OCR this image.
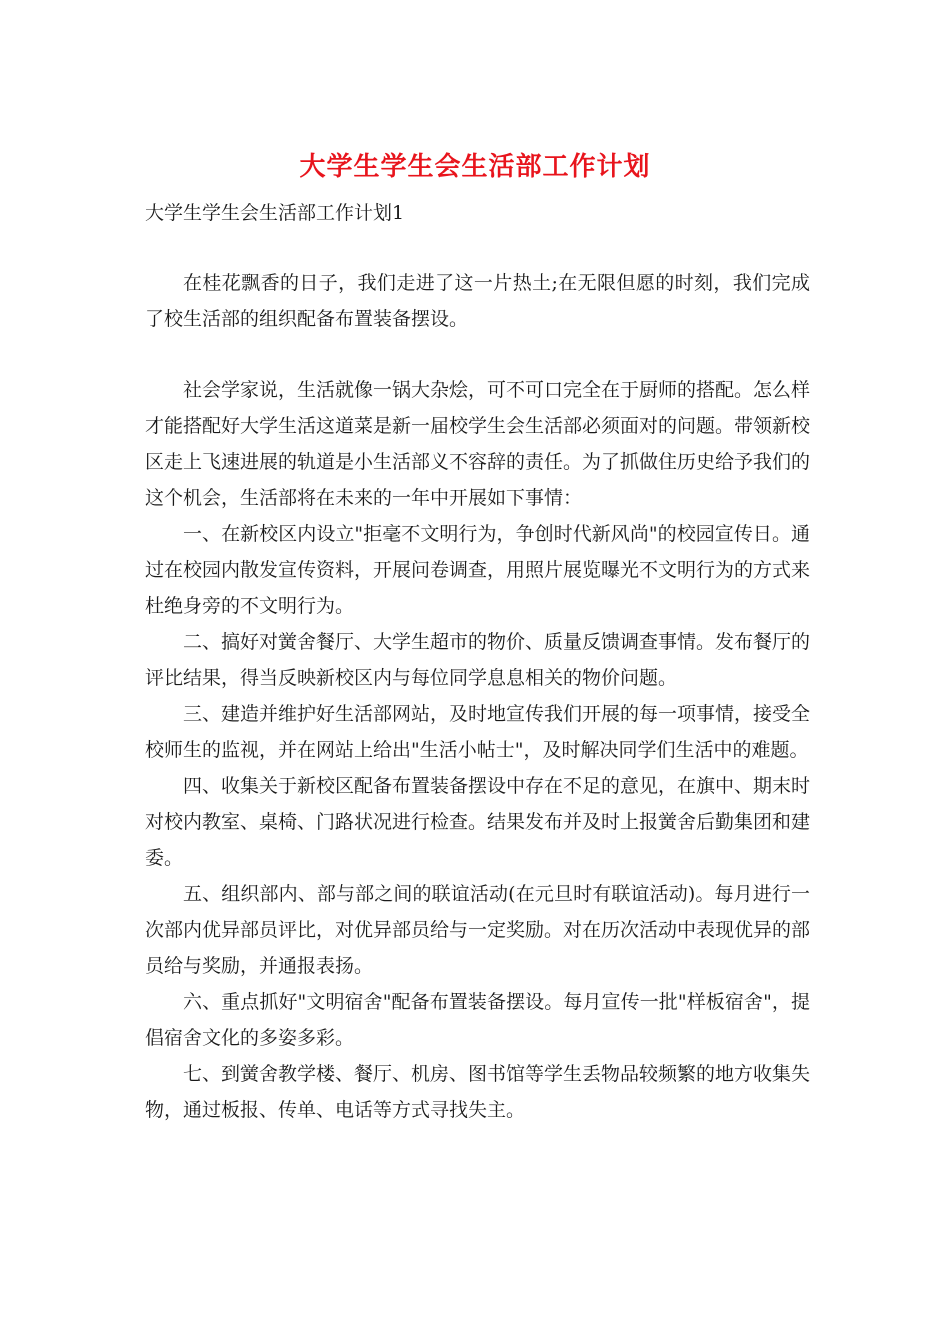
大学生学生会生活部工作计划
大学生学生会生活部工作计划1

在桂花飘香的日子，我们走进了这一片热土;在无限但愿的时刻，我们完成了校生活部的组织配备布置装备摆设。

社会学家说，生活就像一锅大杂烩，可不可口完全在于厨师的搭配。怎么样才能搭配好大学生活这道菜是新一届校学生会生活部必须面对的问题。带领新校区走上飞速进展的轨道是小生活部义不容辞的责任。为了抓做住历史给予我们的这个机会，生活部将在未来的一年中开展如下事情：

一、在新校区内设立"拒毫不文明行为，争创时代新风尚"的校园宣传日。通过在校园内散发宣传资料，开展问卷调查，用照片展览曝光不文明行为的方式来杜绝身旁的不文明行为。

二、搞好对黉舍餐厅、大学生超市的物价、质量反馈调查事情。发布餐厅的评比结果，得当反映新校区内与每位同学息息相关的物价问题。

三、建造并维护好生活部网站，及时地宣传我们开展的每一项事情，接受全校师生的监视，并在网站上给出"生活小帖士"，及时解决同学们生活中的难题。

四、收集关于新校区配备布置装备摆设中存在不足的意见，在旗中、期末时对校内教室、桌椅、门路状况进行检查。结果发布并及时上报黉舍后勤集团和建委。

五、组织部内、部与部之间的联谊活动(在元旦时有联谊活动)。每月进行一次部内优异部员评比，对优异部员给与一定奖励。对在历次活动中表现优异的部员给与奖励，并通报表扬。

六、重点抓好"文明宿舍"配备布置装备摆设。每月宣传一批"样板宿舍"，提倡宿舍文化的多姿多彩。

七、到黉舍教学楼、餐厅、机房、图书馆等学生丢物品较频繁的地方收集失物，通过板报、传单、电话等方式寻找失主。
